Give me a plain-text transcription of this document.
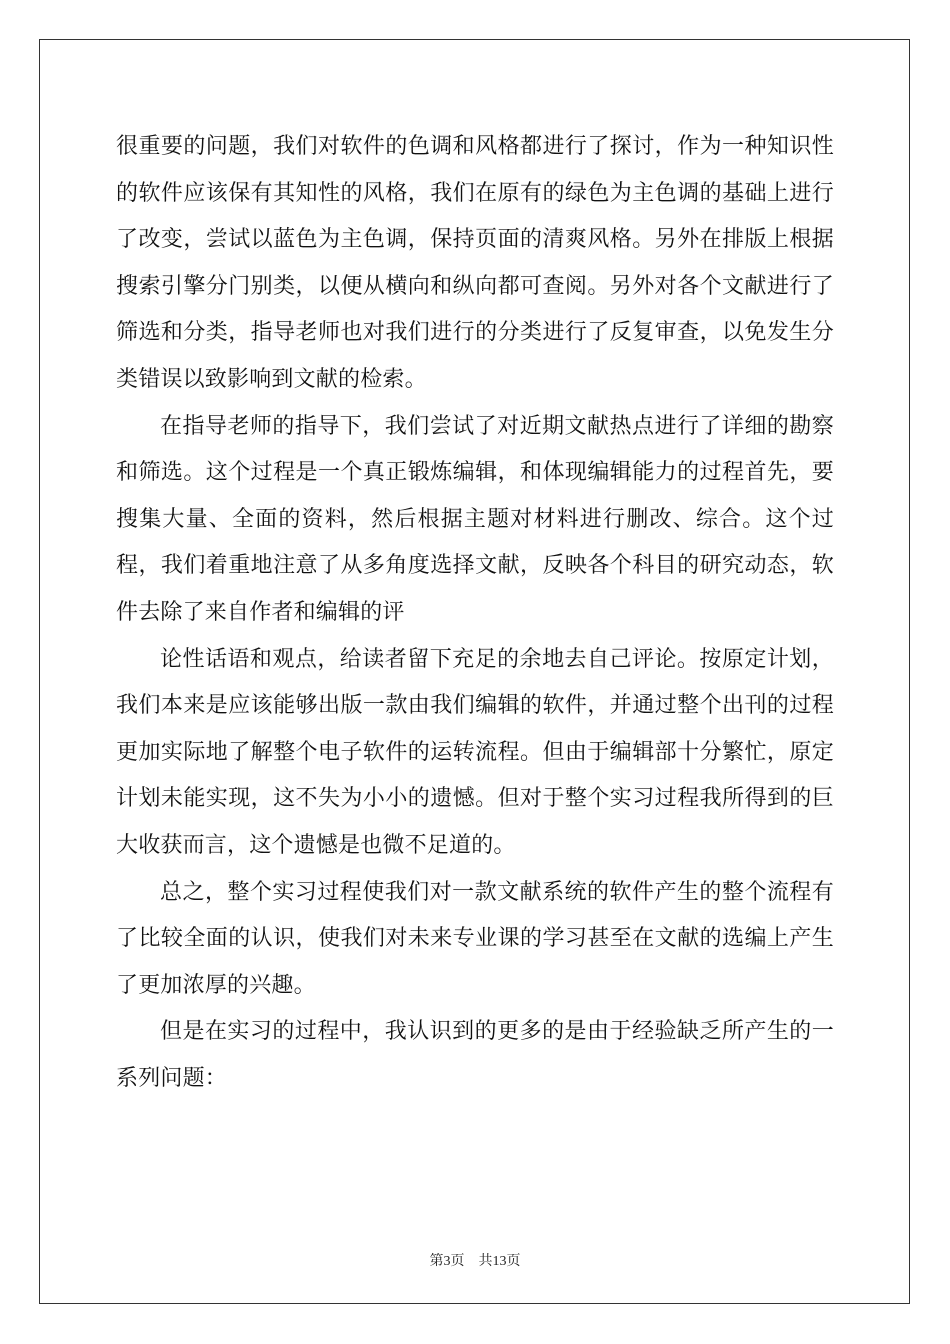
很重要的问题，我们对软件的色调和风格都进行了探讨，作为一种知识性的软件应该保有其知性的风格，我们在原有的绿色为主色调的基础上进行了改变，尝试以蓝色为主色调，保持页面的清爽风格。另外在排版上根据搜索引擎分门别类，以便从横向和纵向都可查阅。另外对各个文献进行了筛选和分类，指导老师也对我们进行的分类进行了反复审查，以免发生分类错误以致影响到文献的检索。

在指导老师的指导下，我们尝试了对近期文献热点进行了详细的勘察和筛选。这个过程是一个真正锻炼编辑，和体现编辑能力的过程首先，要搜集大量、全面的资料，然后根据主题对材料进行删改、综合。这个过程，我们着重地注意了从多角度选择文献，反映各个科目的研究动态，软件去除了来自作者和编辑的评

论性话语和观点，给读者留下充足的余地去自己评论。按原定计划，我们本来是应该能够出版一款由我们编辑的软件，并通过整个出刊的过程更加实际地了解整个电子软件的运转流程。但由于编辑部十分繁忙，原定计划未能实现，这不失为小小的遗憾。但对于整个实习过程我所得到的巨大收获而言，这个遗憾是也微不足道的。

总之，整个实习过程使我们对一款文献系统的软件产生的整个流程有了比较全面的认识，使我们对未来专业课的学习甚至在文献的选编上产生了更加浓厚的兴趣。

但是在实习的过程中，我认识到的更多的是由于经验缺乏所产生的一系列问题：

第3页 共13页
